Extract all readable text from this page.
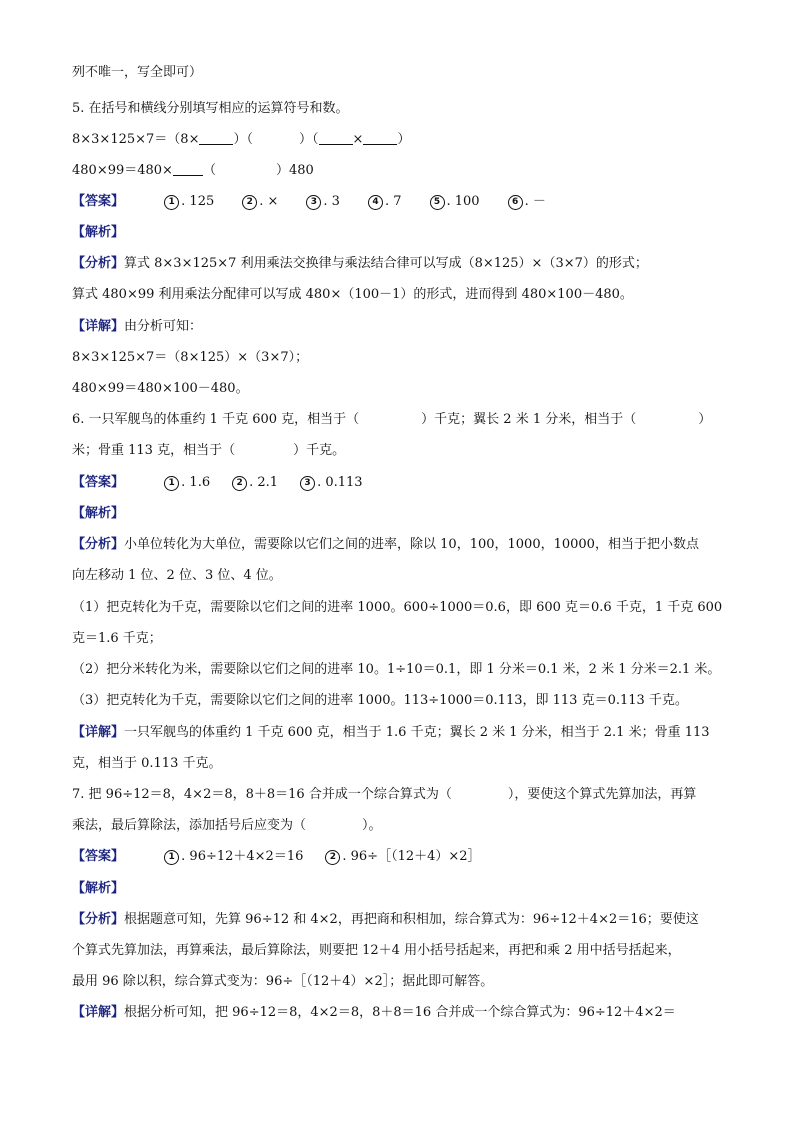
列不唯一，写全即可）
5. 在括号和横线分别填写相应的运算符号和数。
8×3×125×7＝（8×	）（	）（	×	）
480×99＝480× （	）480
【答案】	1 . 125	2 . ×	3 . 3	4 . 7	5 . 100	6 . －
【解析】
【分析】算式 8×3×125×7 利用乘法交换律与乘法结合律可以写成（8×125）×（3×7）的形式；
算式 480×99 利用乘法分配律可以写成 480×（100－1）的形式，进而得到 480×100－480。
【详解】由分析可知：
8×3×125×7＝（8×125）×（3×7）；
480×99＝480×100－480。
6. 一只军舰鸟的体重约 1 千克 600 克，相当于（	）千克；翼长 2 米 1 分米，相当于（	）
米；骨重 113 克，相当于（	）千克。
【答案】	1 . 1.6	2 . 2.1	3 . 0.113
【解析】
【分析】小单位转化为大单位，需要除以它们之间的进率，除以 10，100，1000，10000，相当于把小数点
向左移动 1 位、2 位、3 位、4 位。
（1）把克转化为千克，需要除以它们之间的进率 1000。600÷1000＝0.6，即 600 克＝0.6 千克，1 千克 600
克＝1.6 千克；
（2）把分米转化为米，需要除以它们之间的进率 10。1÷10＝0.1，即 1 分米＝0.1 米，2 米 1 分米＝2.1 米。
（3）把克转化为千克，需要除以它们之间的进率 1000。113÷1000＝0.113，即 113 克＝0.113 千克。
【详解】一只军舰鸟的体重约 1 千克 600 克，相当于 1.6 千克；翼长 2 米 1 分米，相当于 2.1 米；骨重 113
克，相当于 0.113 千克。
7. 把 96÷12＝8，4×2＝8，8＋8＝16 合并成一个综合算式为（	），要使这个算式先算加法，再算
乘法，最后算除法，添加括号后应变为（	）。
【答案】	1 . 96÷12＋4×2＝16	2 . 96÷［（12＋4）×2］
【解析】
【分析】根据题意可知，先算 96÷12 和 4×2，再把商和积相加，综合算式为：96÷12＋4×2＝16；要使这
个算式先算加法，再算乘法，最后算除法，则要把 12＋4 用小括号括起来，再把和乘 2 用中括号括起来，
最用 96 除以积，综合算式变为：96÷［（12＋4）×2］；据此即可解答。
【详解】根据分析可知，把 96÷12＝8，4×2＝8，8＋8＝16 合并成一个综合算式为：96÷12＋4×2＝
